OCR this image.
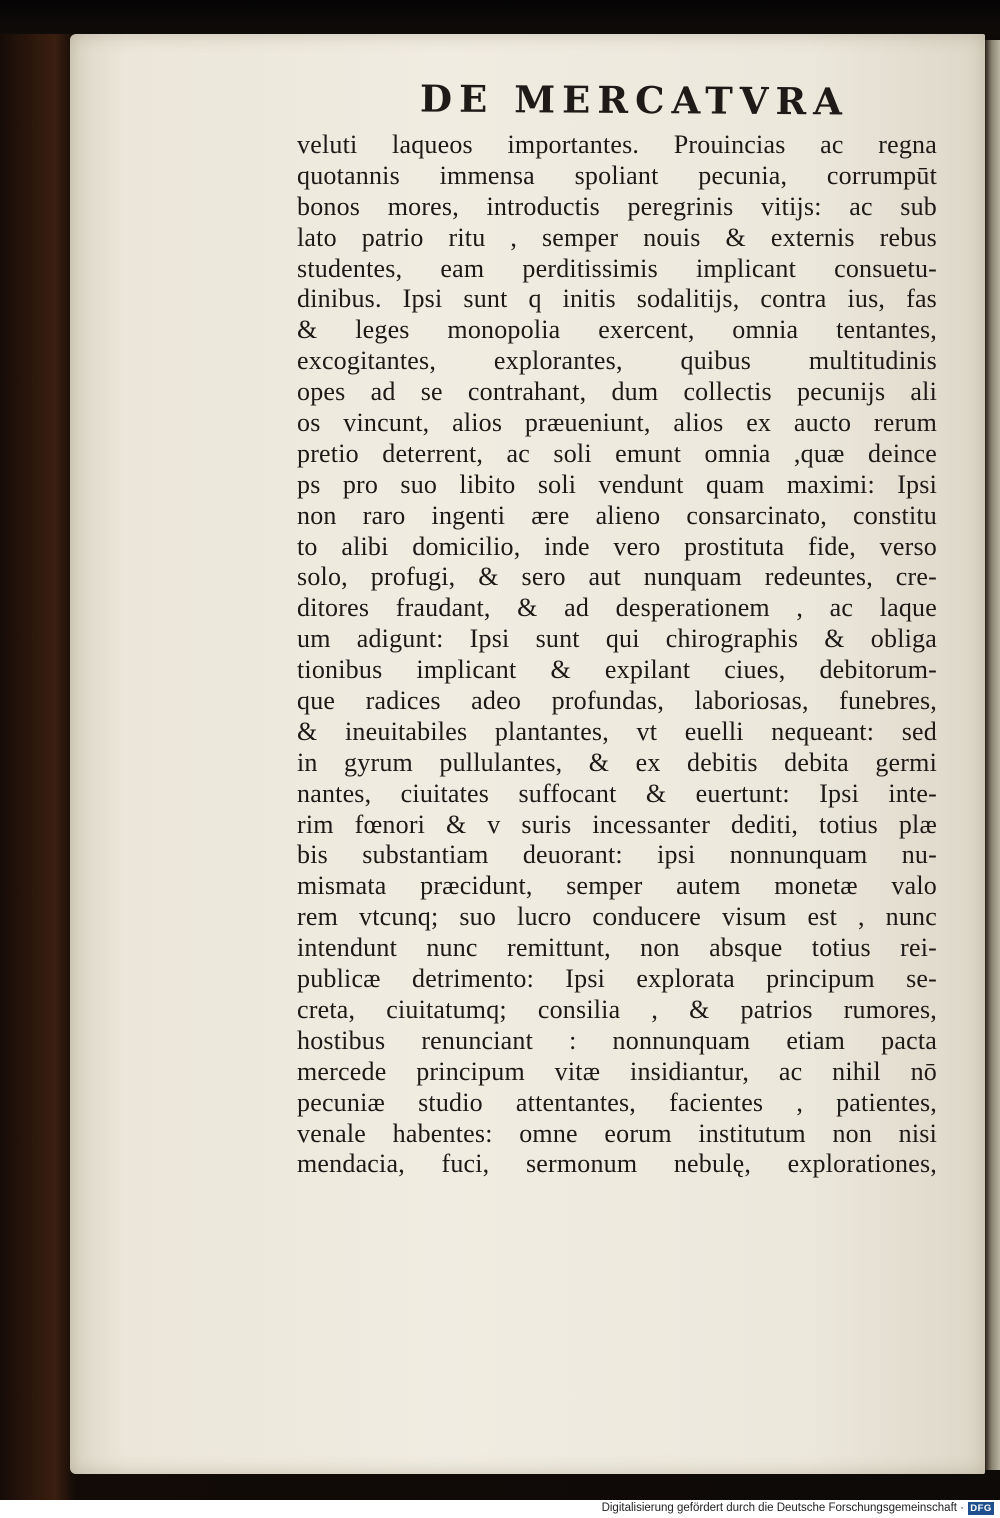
DE MERCATVRA
veluti laqueos importantes. Prouincias ac regna
quotannis immensa spoliant pecunia, corrumpūt
bonos mores, introductis peregrinis vitijs: ac sub
lato patrio ritu , semper nouis & externis rebus
studentes, eam perditissimis implicant consuetu-
dinibus. Ipsi sunt q initis sodalitijs, contra ius, fas
& leges monopolia exercent, omnia tentantes,
excogitantes, explorantes, quibus multitudinis
opes ad se contrahant, dum collectis pecunijs ali
os vincunt, alios præueniunt, alios ex aucto rerum
pretio deterrent, ac soli emunt omnia ,quæ deince
ps pro suo libito soli vendunt quam maximi: Ipsi
non raro ingenti ære alieno consarcinato, constitu
to alibi domicilio, inde vero prostituta fide, verso
solo, profugi, & sero aut nunquam redeuntes, cre-
ditores fraudant, & ad desperationem , ac laque
um adigunt: Ipsi sunt qui chirographis & obliga
tionibus implicant & expilant ciues, debitorum-
que radices adeo profundas, laboriosas, funebres,
& ineuitabiles plantantes, vt euelli nequeant: sed
in gyrum pullulantes, & ex debitis debita germi
nantes, ciuitates suffocant & euertunt: Ipsi inte-
rim fœnori & v suris incessanter dediti, totius plæ
bis substantiam deuorant: ipsi nonnunquam nu-
mismata præcidunt, semper autem monetæ valo
rem vtcunq; suo lucro conducere visum est , nunc
intendunt nunc remittunt, non absque totius rei-
publicæ detrimento: Ipsi explorata principum se-
creta, ciuitatumq; consilia , & patrios rumores,
hostibus renunciant : nonnunquam etiam pacta
mercede principum vitæ insidiantur, ac nihil nō
pecuniæ studio attentantes, facientes , patientes,
venale habentes: omne eorum institutum non nisi
mendacia, fuci, sermonum nebulę, explorationes,
Digitalisierung gefördert durch die Deutsche Forschungsgemeinschaft · DFG
